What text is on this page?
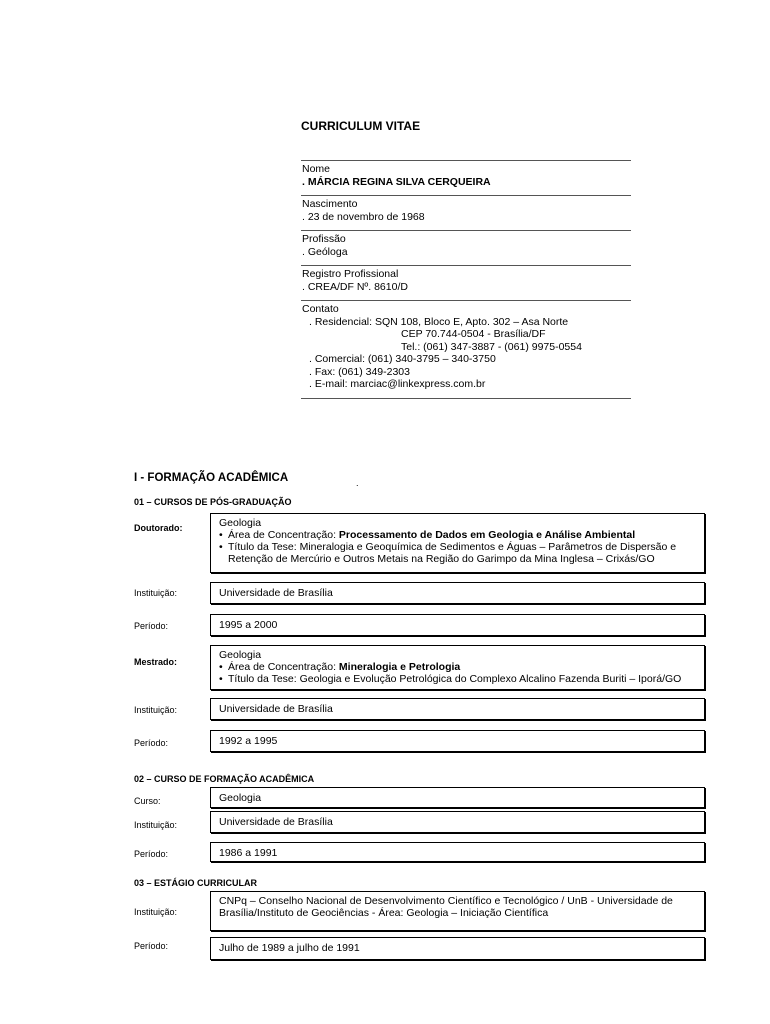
CURRICULUM VITAE
Nome
. MÁRCIA REGINA SILVA CERQUEIRA
Nascimento
. 23 de novembro de 1968
Profissão
. Geóloga
Registro Profissional
. CREA/DF Nº. 8610/D
Contato
. Residencial: SQN 108, Bloco E, Apto. 302 – Asa Norte
CEP 70.744-0504 - Brasília/DF
Tel.: (061) 347-3887 - (061) 9975-0554
. Comercial: (061) 340-3795 – 340-3750
. Fax: (061) 349-2303
. E-mail: marciac@linkexpress.com.br
I - FORMAÇÃO ACADÊMICA	.
01 – CURSOS DE PÓS-GRADUAÇÃO
Doutorado:	Geologia
• Área de Concentração: Processamento de Dados em Geologia e Análise Ambiental
• Título da Tese: Mineralogia e Geoquímica de Sedimentos e Águas – Parâmetros de Dispersão e Retenção de Mercúrio e Outros Metais na Região do Garimpo da Mina Inglesa – Crixás/GO
Instituição:	Universidade de Brasília
Período:	1995 a 2000
Mestrado:
Geologia
• Área de Concentração: Mineralogia e Petrologia
• Título da Tese: Geologia e Evolução Petrológica do Complexo Alcalino Fazenda Buriti – Iporá/GO
Instituição:	Universidade de Brasília
Período:	1992 a 1995
02 – CURSO DE FORMAÇÃO ACADÊMICA
Curso:	Geologia
Instituição:	Universidade de Brasília
Período:	1986 a 1991
03 – ESTÁGIO CURRICULAR
Instituição:
CNPq – Conselho Nacional de Desenvolvimento Científico e Tecnológico / UnB - Universidade de Brasília/Instituto de Geociências - Área: Geologia – Iniciação Científica
Período:	Julho de 1989 a julho de 1991
